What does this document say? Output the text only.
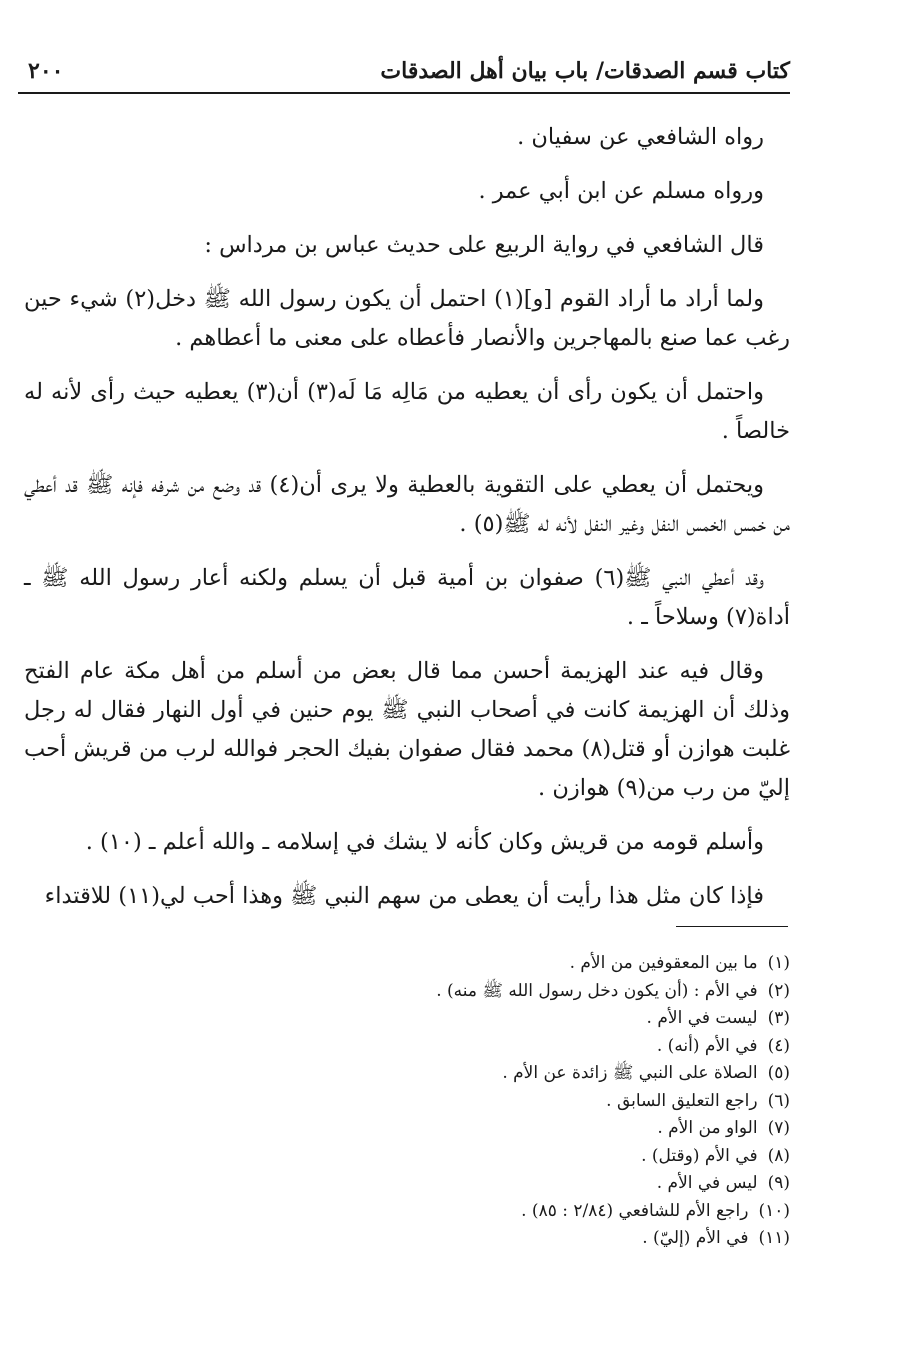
كتاب قسم الصدقات/ باب بيان أهل الصدقات
٢٠٠

رواه الشافعي عن سفيان .

ورواه مسلم عن ابن أبي عمر .

قال الشافعي في رواية الربيع على حديث عباس بن مرداس :

ولما أراد ما أراد القوم [و](١) احتمل أن يكون رسول الله ﷺ دخل(٢) شيء حين رغب عما صنع بالمهاجرين والأنصار فأعطاه على معنى ما أعطاهم .

واحتمل أن يكون رأى أن يعطيه من مَالِه مَا لَه(٣) أن(٣) يعطيه حيث رأى لأنه له خالصاً .

ويحتمل أن يعطي على التقوية بالعطية ولا يرى أن(٤) قد وضع من شرفه فإنه ﷺ قد أعطي من خمس الخمس النفل وغير النفل لأنه له ﷺ(٥) .

وقد أعطي النبي ﷺ(٦) صفوان بن أمية قبل أن يسلم ولكنه أعار رسول الله ﷺ ـ أداة(٧) وسلاحاً ـ .

وقال فيه عند الهزيمة أحسن مما قال بعض من أسلم من أهل مكة عام الفتح وذلك أن الهزيمة كانت في أصحاب النبي ﷺ يوم حنين في أول النهار فقال له رجل غلبت هوازن أو قتل(٨) محمد فقال صفوان بفيك الحجر فوالله لرب من قريش أحب إليّ من رب من(٩) هوازن .

وأسلم قومه من قريش وكان كأنه لا يشك في إسلامه ـ والله أعلم ـ (١٠) .

فإذا كان مثل هذا رأيت أن يعطى من سهم النبي ﷺ وهذا أحب لي(١١) للاقتداء

(١)ما بين المعقوفين من الأم .
(٢)في الأم : (أن يكون دخل رسول الله ﷺ منه) .
(٣)ليست في الأم .
(٤)في الأم (أنه) .
(٥)الصلاة على النبي ﷺ زائدة عن الأم .
(٦)راجع التعليق السابق .
(٧)الواو من الأم .
(٨)في الأم (وقتل) .
(٩)ليس في الأم .
(١٠)راجع الأم للشافعي (٢/٨٤ : ٨٥) .
(١١)في الأم (إليّ) .
